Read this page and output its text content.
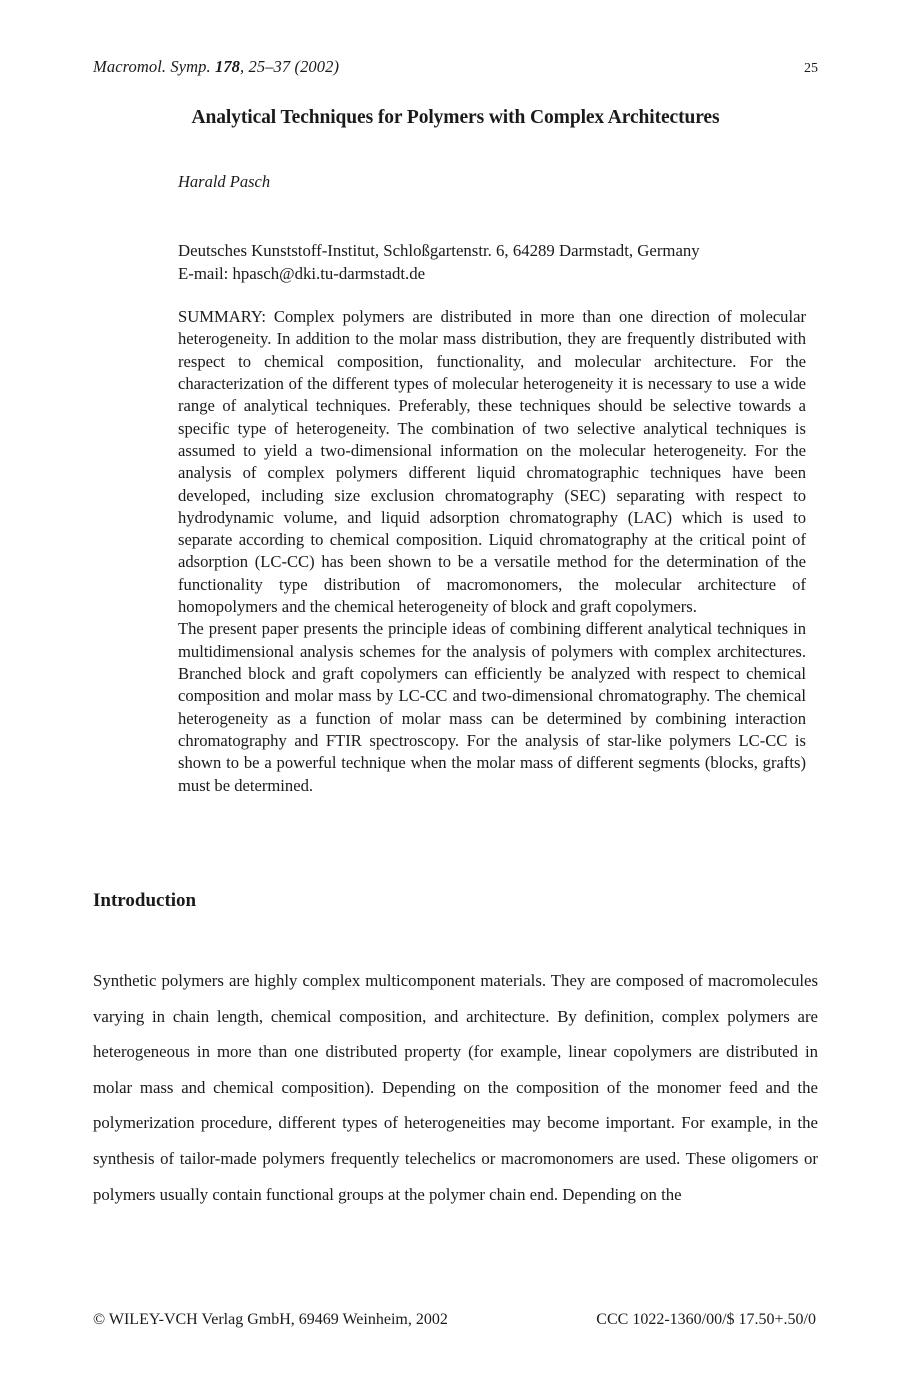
Macromol. Symp. 178, 25–37 (2002)	25
Analytical Techniques for Polymers with Complex Architectures
Harald Pasch
Deutsches Kunststoff-Institut, Schloßgartenstr. 6, 64289 Darmstadt, Germany
E-mail: hpasch@dki.tu-darmstadt.de

SUMMARY: Complex polymers are distributed in more than one direction of molecular heterogeneity. In addition to the molar mass distribution, they are frequently distributed with respect to chemical composition, functionality, and molecular architecture. For the characterization of the different types of molecular heterogeneity it is necessary to use a wide range of analytical techniques. Preferably, these techniques should be selective towards a specific type of heterogeneity. The combination of two selective analytical techniques is assumed to yield a two-dimensional information on the molecular heterogeneity. For the analysis of complex polymers different liquid chromatographic techniques have been developed, including size exclusion chromatography (SEC) separating with respect to hydrodynamic volume, and liquid adsorption chromatography (LAC) which is used to separate according to chemical composition. Liquid chromatography at the critical point of adsorption (LC-CC) has been shown to be a versatile method for the determination of the functionality type distribution of macromonomers, the molecular architecture of homopolymers and the chemical heterogeneity of block and graft copolymers.

The present paper presents the principle ideas of combining different analytical techniques in multidimensional analysis schemes for the analysis of polymers with complex architectures. Branched block and graft copolymers can efficiently be analyzed with respect to chemical composition and molar mass by LC-CC and two-dimensional chromatography. The chemical heterogeneity as a function of molar mass can be determined by combining interaction chromatography and FTIR spectroscopy. For the analysis of star-like polymers LC-CC is shown to be a powerful technique when the molar mass of different segments (blocks, grafts) must be determined.

Introduction

Synthetic polymers are highly complex multicomponent materials. They are composed of macromolecules varying in chain length, chemical composition, and architecture. By definition, complex polymers are heterogeneous in more than one distributed property (for example, linear copolymers are distributed in molar mass and chemical composition). Depending on the composition of the monomer feed and the polymerization procedure, different types of heterogeneities may become important. For example, in the synthesis of tailor-made polymers frequently telechelics or macromonomers are used. These oligomers or polymers usually contain functional groups at the polymer chain end. Depending on the

© WILEY-VCH Verlag GmbH, 69469 Weinheim, 2002	CCC 1022-1360/00/$ 17.50+.50/0
